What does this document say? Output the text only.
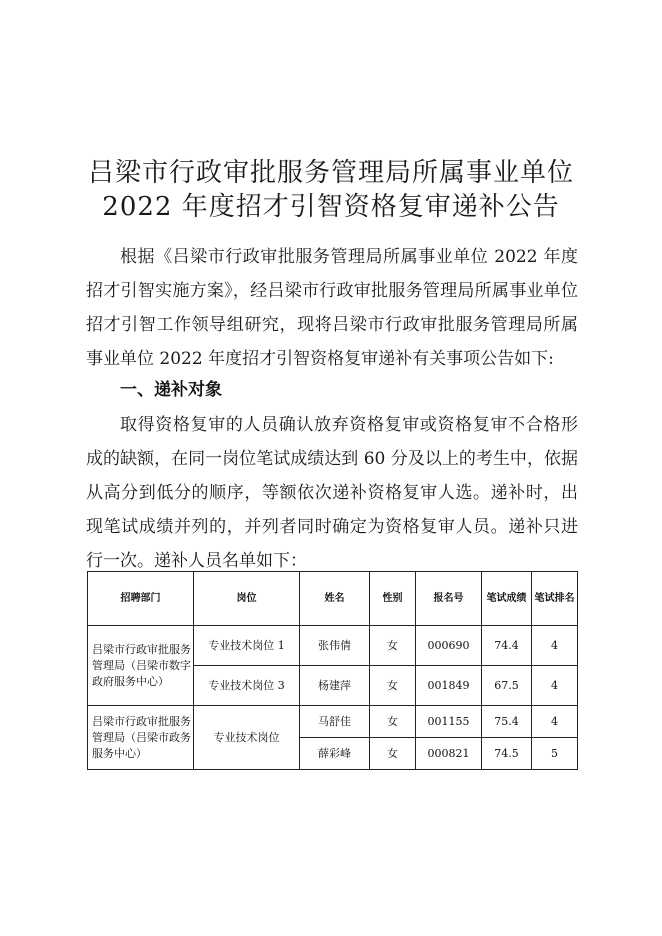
吕梁市行政审批服务管理局所属事业单位
2022 年度招才引智资格复审递补公告
根据《吕梁市行政审批服务管理局所属事业单位 2022 年度招才引智实施方案》，经吕梁市行政审批服务管理局所属事业单位招才引智工作领导组研究，现将吕梁市行政审批服务管理局所属事业单位 2022 年度招才引智资格复审递补有关事项公告如下:
一、递补对象
取得资格复审的人员确认放弃资格复审或资格复审不合格形成的缺额，在同一岗位笔试成绩达到 60 分及以上的考生中，依据从高分到低分的顺序，等额依次递补资格复审人选。递补时，出现笔试成绩并列的，并列者同时确定为资格复审人员。递补只进行一次。递补人员名单如下：
招聘部门	岗位	姓名	性别	报名号	笔试成绩	笔试排名
吕梁市行政审批服务管理局（吕梁市数字政府服务中心）	专业技术岗位 1	张伟倩	女	000690	74.4	4
	专业技术岗位 3	杨建萍	女	001849	67.5	4
吕梁市行政审批服务管理局（吕梁市政务服务中心）	专业技术岗位	马舒佳	女	001155	75.4	4
		薛彩峰	女	000821	74.5	5
